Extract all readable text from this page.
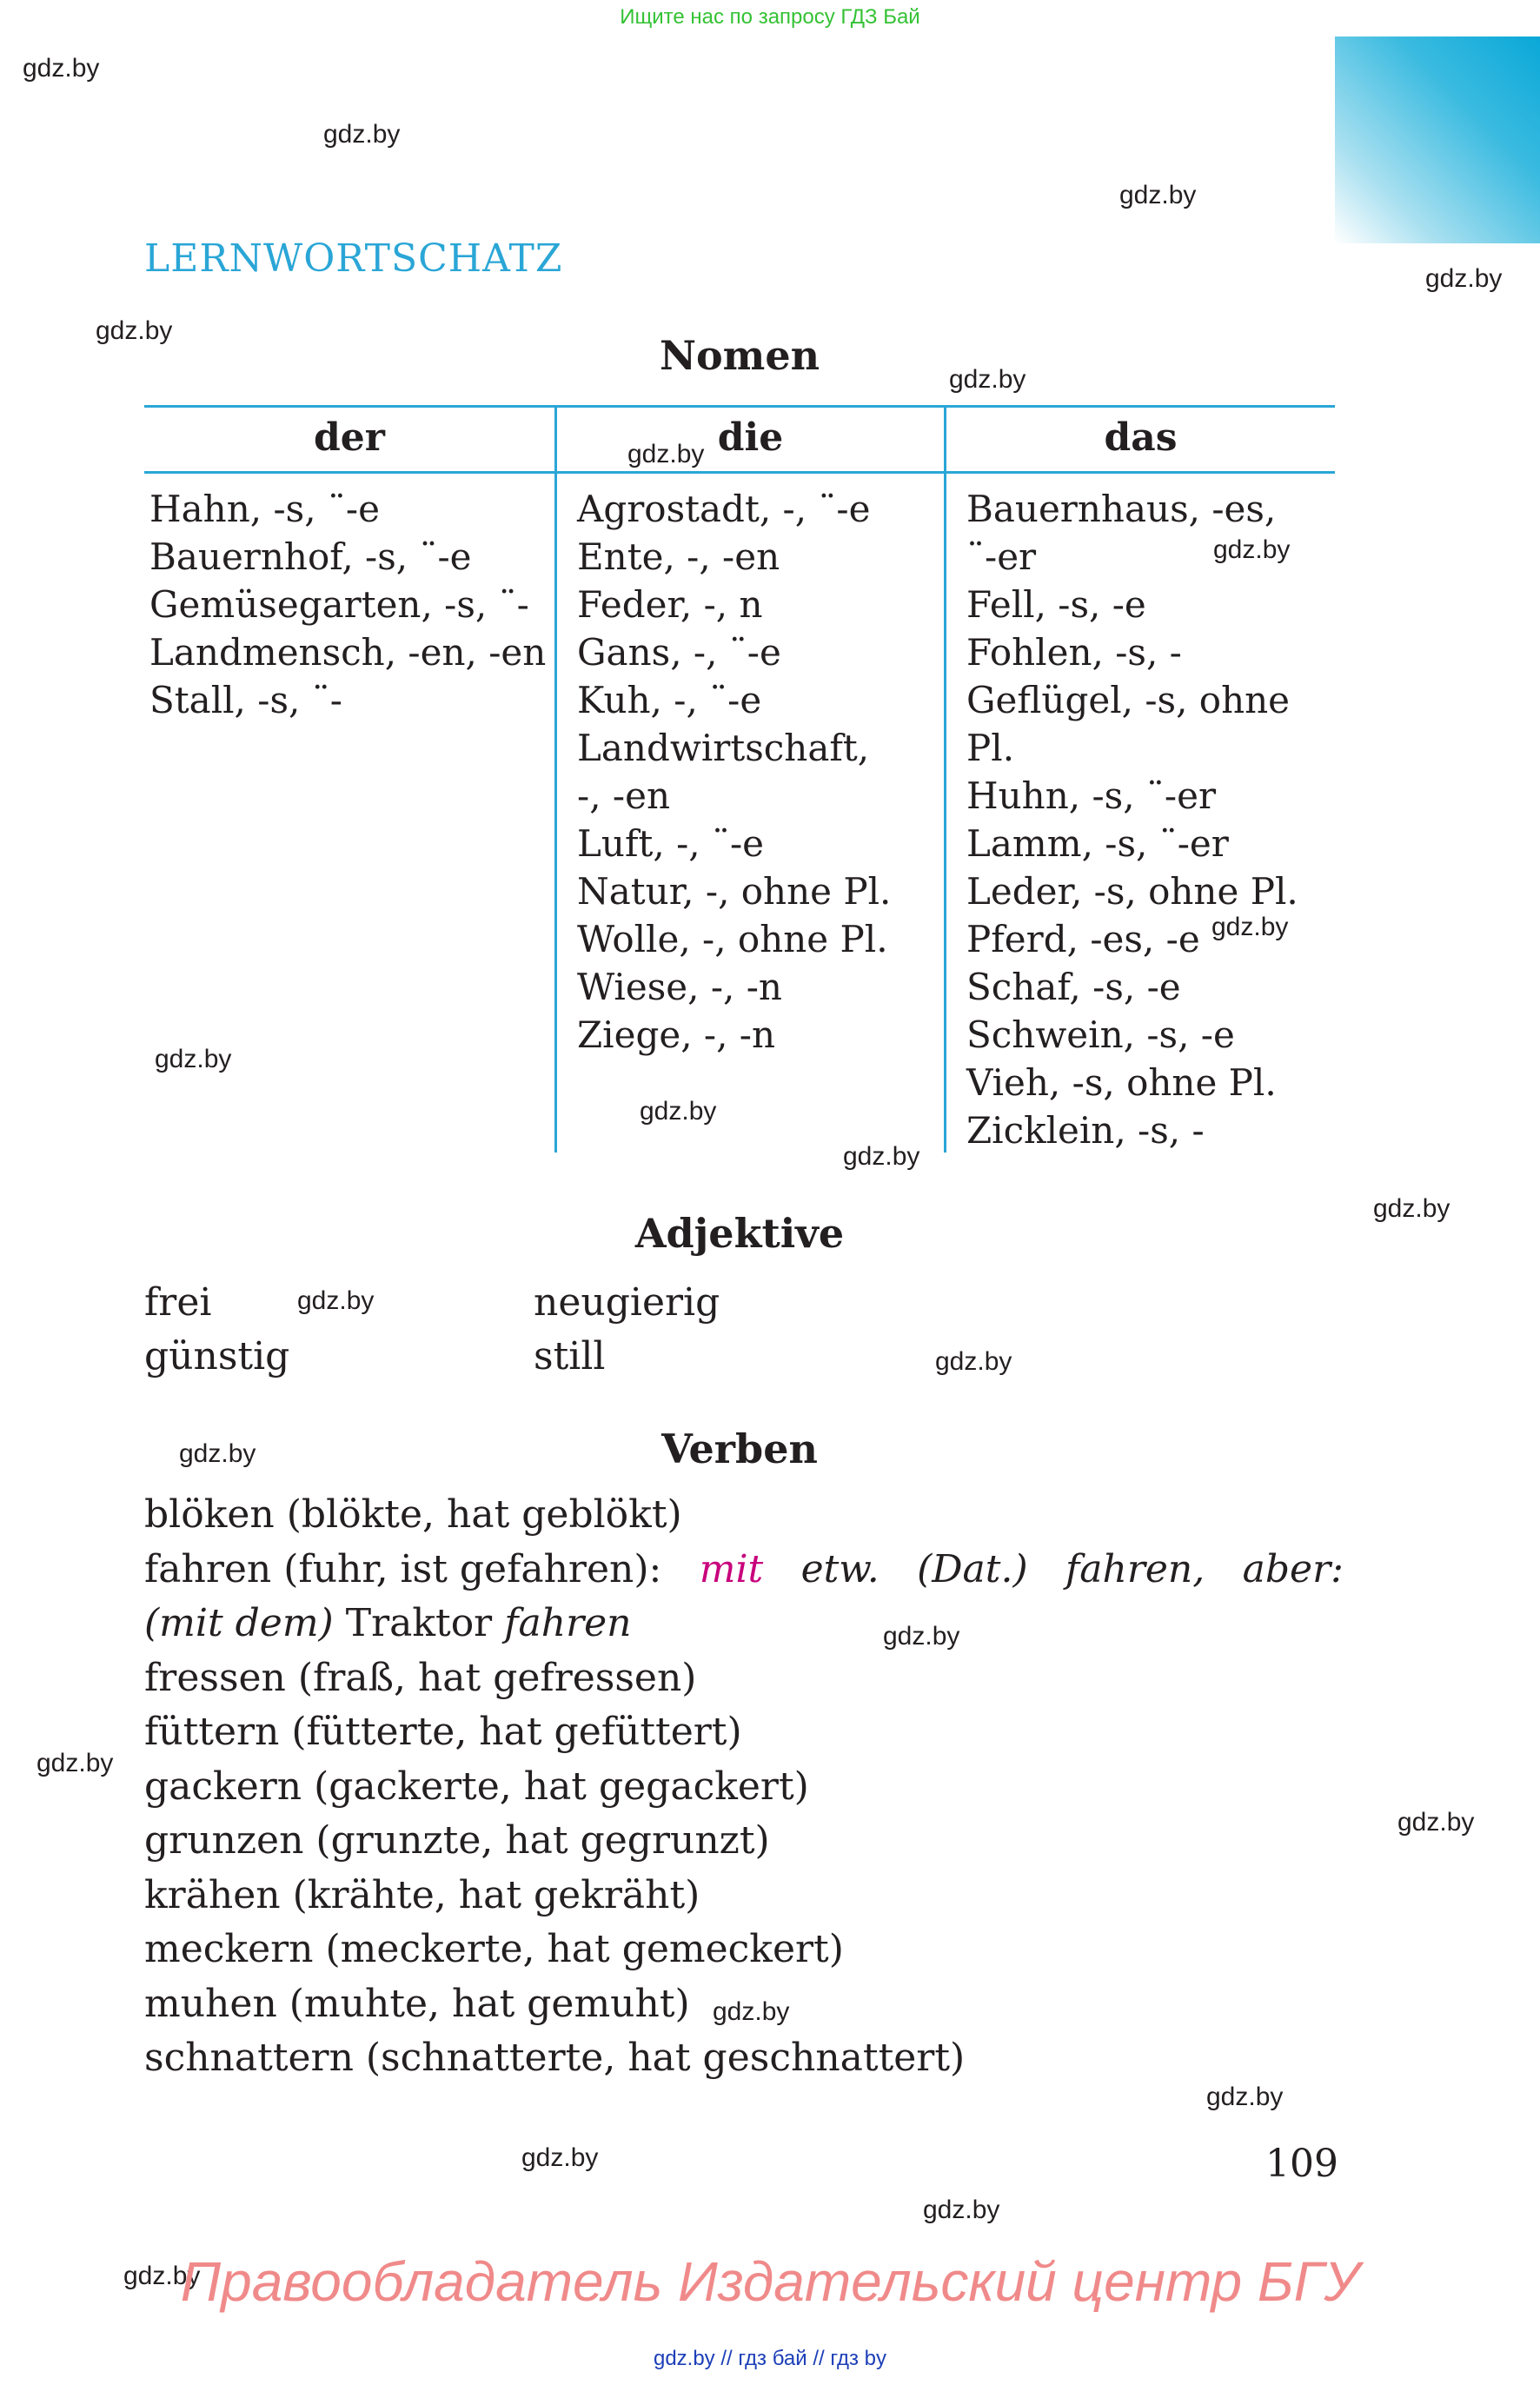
Ищите нас по запросу ГДЗ Бай
gdz.by
gdz.by
gdz.by
gdz.by
gdz.by
gdz.by
gdz.by
gdz.by
gdz.by
gdz.by
gdz.by
gdz.by
gdz.by
gdz.by
gdz.by
gdz.by
gdz.by
gdz.by
gdz.by
gdz.by
gdz.by
gdz.by
gdz.by
gdz.by
LERNWORTSCHATZ
Nomen
der	die	das
Hahn, -s, ¨-e
Bauernhof, -s, ¨-e
Gemüsegarten, -s, ¨-
Landmensch, -en, -en
Stall, -s, ¨-
Agrostadt, -, ¨-e
Ente, -, -en
Feder, -, n
Gans, -, ¨-e
Kuh, -, ¨-e
Landwirtschaft,
-, -en
Luft, -, ¨-e
Natur, -, ohne Pl.
Wolle, -, ohne Pl.
Wiese, -, -n
Ziege, -, -n
Bauernhaus, -es,
¨-er
Fell, -s, -e
Fohlen, -s, -
Geflügel, -s, ohne
Pl.
Huhn, -s, ¨-er
Lamm, -s, ¨-er
Leder, -s, ohne Pl.
Pferd, -es, -e
Schaf, -s, -e
Schwein, -s, -e
Vieh, -s, ohne Pl.
Zicklein, -s, -
Adjektive
frei
günstig
neugierig
still
Verben
blöken (blökte, hat geblökt)
fahren (fuhr, ist gefahren): mit etw. (Dat.) fahren, aber:
(mit dem) Traktor fahren
fressen (fraß, hat gefressen)
füttern (fütterte, hat gefüttert)
gackern (gackerte, hat gegackert)
grunzen (grunzte, hat gegrunzt)
krähen (krähte, hat gekräht)
meckern (meckerte, hat gemeckert)
muhen (muhte, hat gemuht)
schnattern (schnatterte, hat geschnattert)
109
Правообладатель Издательский центр БГУ
gdz.by // гдз бай // гдз by
